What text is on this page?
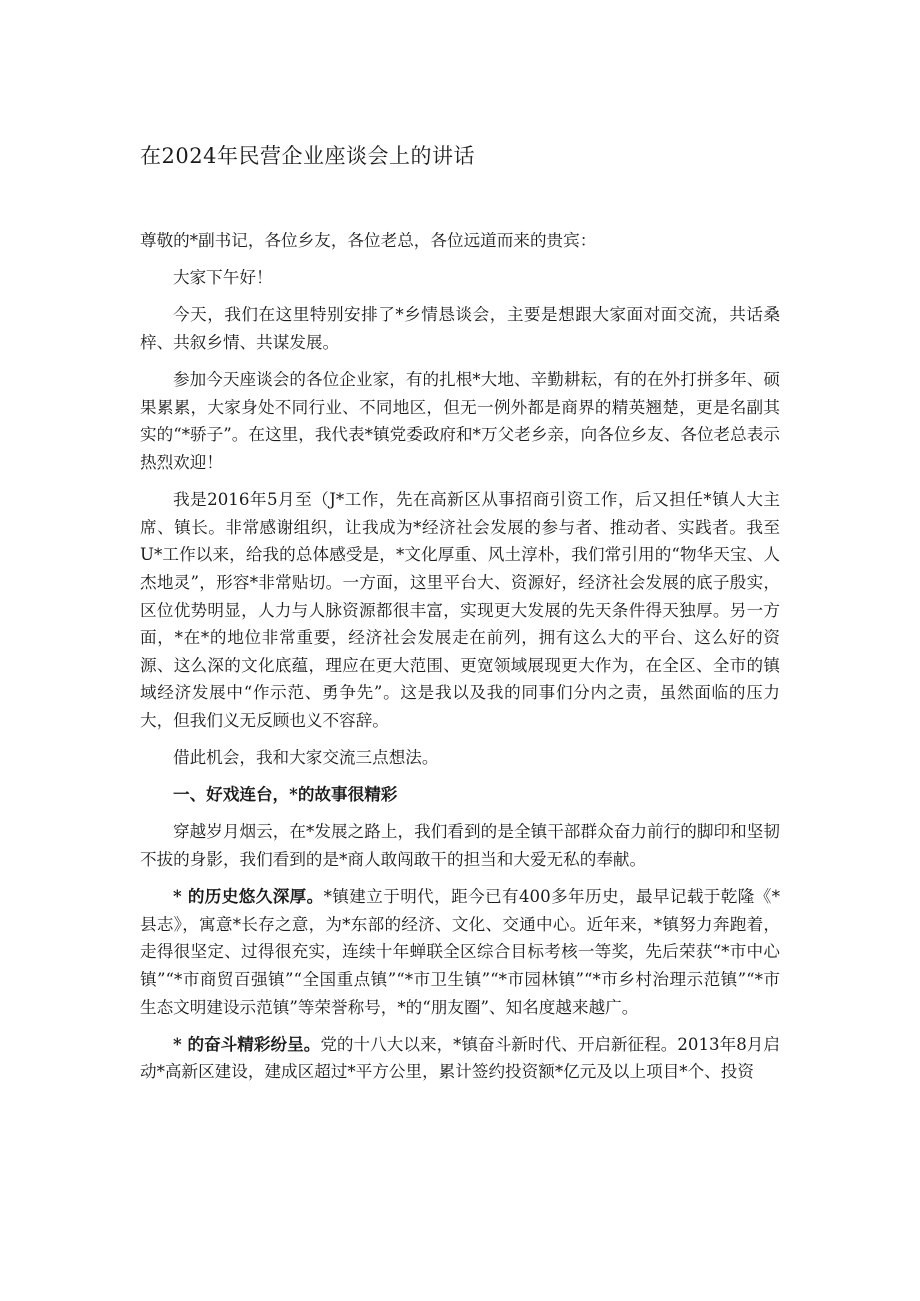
在2024年民营企业座谈会上的讲话

尊敬的*副书记，各位乡友，各位老总，各位远道而来的贵宾：

大家下午好！

今天，我们在这里特别安排了*乡情恳谈会，主要是想跟大家面对面交流，共话桑梓、共叙乡情、共谋发展。

参加今天座谈会的各位企业家，有的扎根*大地、辛勤耕耘，有的在外打拼多年、硕果累累，大家身处不同行业、不同地区，但无一例外都是商界的精英翘楚，更是名副其实的“*骄子”。在这里，我代表*镇党委政府和*万父老乡亲，向各位乡友、各位老总表示热烈欢迎！

我是2016年5月至（J*工作，先在高新区从事招商引资工作，后又担任*镇人大主席、镇长。非常感谢组织，让我成为*经济社会发展的参与者、推动者、实践者。我至U*工作以来，给我的总体感受是，*文化厚重、风土淳朴，我们常引用的“物华天宝、人杰地灵”，形容*非常贴切。一方面，这里平台大、资源好，经济社会发展的底子殷实，区位优势明显，人力与人脉资源都很丰富，实现更大发展的先天条件得天独厚。另一方面，*在*的地位非常重要，经济社会发展走在前列，拥有这么大的平台、这么好的资源、这么深的文化底蕴，理应在更大范围、更宽领域展现更大作为，在全区、全市的镇域经济发展中“作示范、勇争先”。这是我以及我的同事们分内之责，虽然面临的压力大，但我们义无反顾也义不容辞。

借此机会，我和大家交流三点想法。

一、好戏连台，*的故事很精彩

穿越岁月烟云，在*发展之路上，我们看到的是全镇干部群众奋力前行的脚印和坚韧不拔的身影，我们看到的是*商人敢闯敢干的担当和大爱无私的奉献。

* 的历史悠久深厚。*镇建立于明代，距今已有400多年历史，最早记载于乾隆《*县志》，寓意*长存之意，为*东部的经济、文化、交通中心。近年来，*镇努力奔跑着，走得很坚定、过得很充实，连续十年蝉联全区综合目标考核一等奖，先后荣获“*市中心镇”“*市商贸百强镇”“全国重点镇”“*市卫生镇”“*市园林镇”“*市乡村治理示范镇”“*市生态文明建设示范镇”等荣誉称号，*的“朋友圈”、知名度越来越广。

* 的奋斗精彩纷呈。党的十八大以来，*镇奋斗新时代、开启新征程。2013年8月启动*高新区建设，建成区超过*平方公里，累计签约投资额*亿元及以上项目*个、投资
